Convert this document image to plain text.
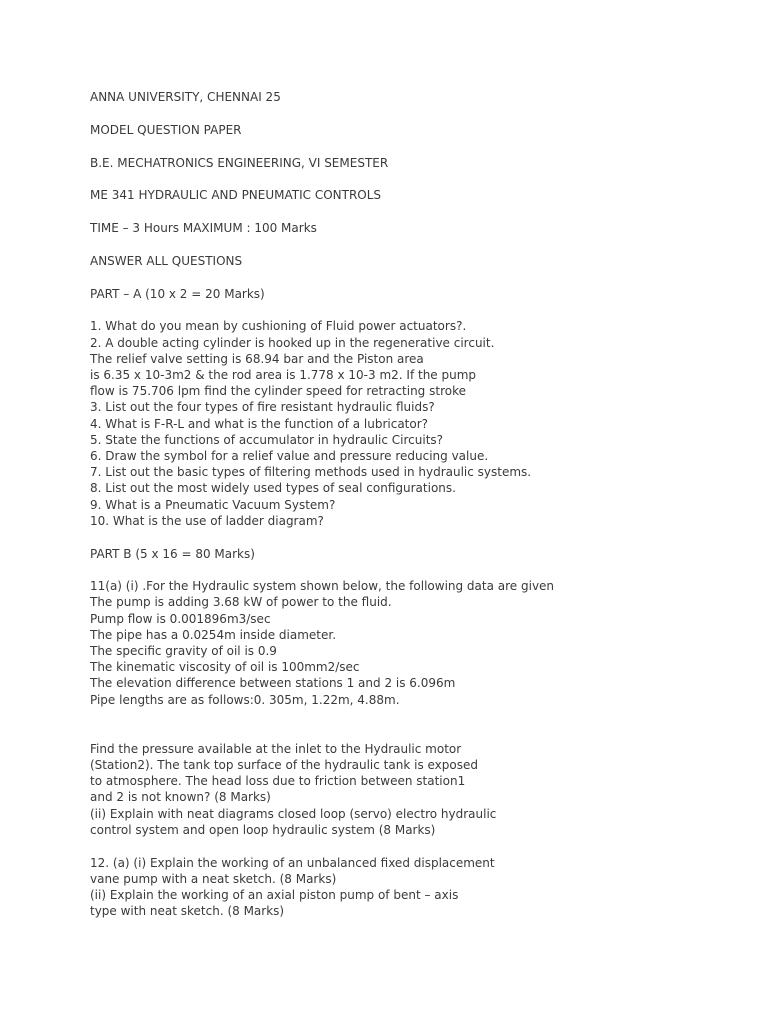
ANNA UNIVERSITY, CHENNAI 25
MODEL QUESTION PAPER
B.E. MECHATRONICS ENGINEERING, VI SEMESTER
ME 341 HYDRAULIC AND PNEUMATIC CONTROLS
TIME – 3 Hours MAXIMUM : 100 Marks
ANSWER ALL QUESTIONS
PART – A (10 x 2 = 20 Marks)
1. What do you mean by cushioning of Fluid power actuators?.
2. A double acting cylinder is hooked up in the regenerative circuit.
The relief valve setting is 68.94 bar and the Piston area
is 6.35 x 10-3m2 & the rod area is 1.778 x 10-3 m2. If the pump
flow is 75.706 lpm find the cylinder speed for retracting stroke
3. List out the four types of fire resistant hydraulic fluids?
4. What is F-R-L and what is the function of a lubricator?
5. State the functions of accumulator in hydraulic Circuits?
6. Draw the symbol for a relief value and pressure reducing value.
7. List out the basic types of filtering methods used in hydraulic systems.
8. List out the most widely used types of seal configurations.
9. What is a Pneumatic Vacuum System?
10. What is the use of ladder diagram?
PART B (5 x 16 = 80 Marks)
11(a) (i) .For the Hydraulic system shown below, the following data are given
The pump is adding 3.68 kW of power to the fluid.
Pump flow is 0.001896m3/sec
The pipe has a 0.0254m inside diameter.
The specific gravity of oil is 0.9
The kinematic viscosity of oil is 100mm2/sec
The elevation difference between stations 1 and 2 is 6.096m
Pipe lengths are as follows:0. 305m, 1.22m, 4.88m.
Find the pressure available at the inlet to the Hydraulic motor
(Station2). The tank top surface of the hydraulic tank is exposed
to atmosphere. The head loss due to friction between station1
and 2 is not known? (8 Marks)
(ii) Explain with neat diagrams closed loop (servo) electro hydraulic
control system and open loop hydraulic system (8 Marks)
12. (a) (i) Explain the working of an unbalanced fixed displacement
vane pump with a neat sketch. (8 Marks)
(ii) Explain the working of an axial piston pump of bent – axis
type with neat sketch. (8 Marks)
